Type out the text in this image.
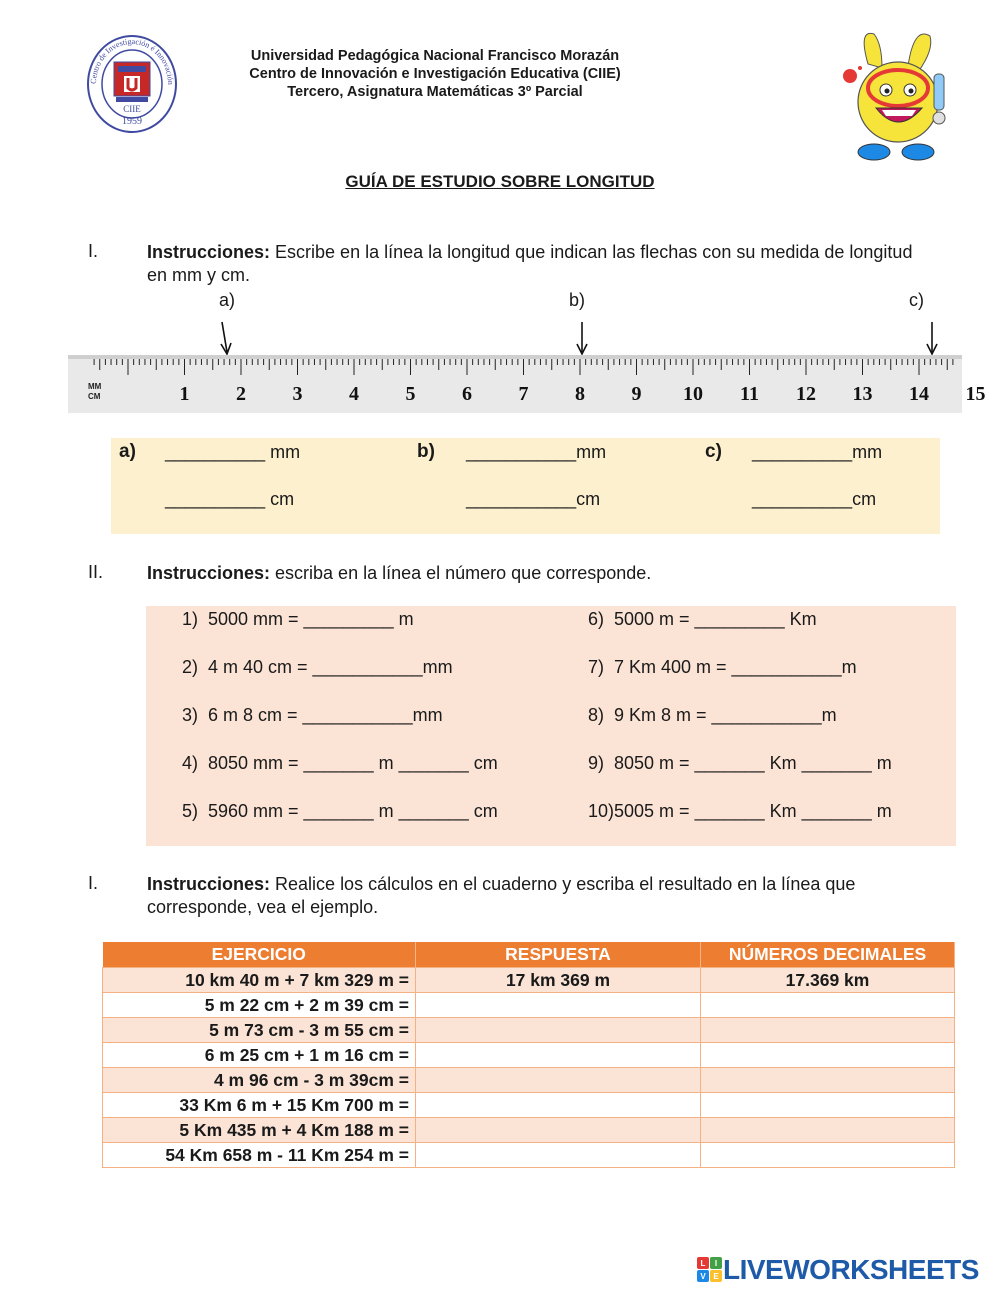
Centro de Investigación é Innovación
CIIE
1959
Universidad Pedagógica Nacional Francisco Morazán
Centro de Innovación e Investigación Educativa (CIIE)
Tercero, Asignatura Matemáticas 3º Parcial
GUÍA DE ESTUDIO SOBRE LONGITUD
I.	Instrucciones: Escribe en la línea la longitud que indican las flechas con su medida de longitud en mm y cm.
a)	b)	c)
MM
CM	1 2 3 4 5 6 7 8 9 10 11 12 13 14 15
a) __________ mm
__________ cm
b) ___________mm
___________cm
c) __________mm
__________cm
II. Instrucciones: escriba en la línea el número que corresponde.
1)  5000 mm = _________ m
2)  4 m 40 cm = ___________mm
3)  6 m 8 cm = ___________mm
4)  8050 mm = _______ m _______ cm
5)  5960 mm = _______ m _______ cm
6)  5000 m = _________ Km
7)  7 Km 400 m = ___________m
8)  9 Km 8 m = ___________m
9)  8050 m = _______ Km _______ m
10)5005 m = _______ Km _______ m
I.	Instrucciones: Realice los cálculos en el cuaderno y escriba el resultado en la línea que corresponde, vea el ejemplo.
EJERCICIO	RESPUESTA	NÚMEROS DECIMALES
10 km 40 m + 7 km 329 m =	17 km 369 m	17.369 km
5 m 22 cm + 2 m 39 cm =		
5 m 73 cm - 3 m 55 cm =		
6 m 25 cm + 1 m 16 cm =		
4 m 96 cm - 3 m 39cm =		
33 Km 6 m + 15 Km 700 m =		
5 Km 435 m + 4 Km 188 m =		
54 Km 658 m - 11 Km 254 m =		
L I
V E LIVEWORKSHEETS
